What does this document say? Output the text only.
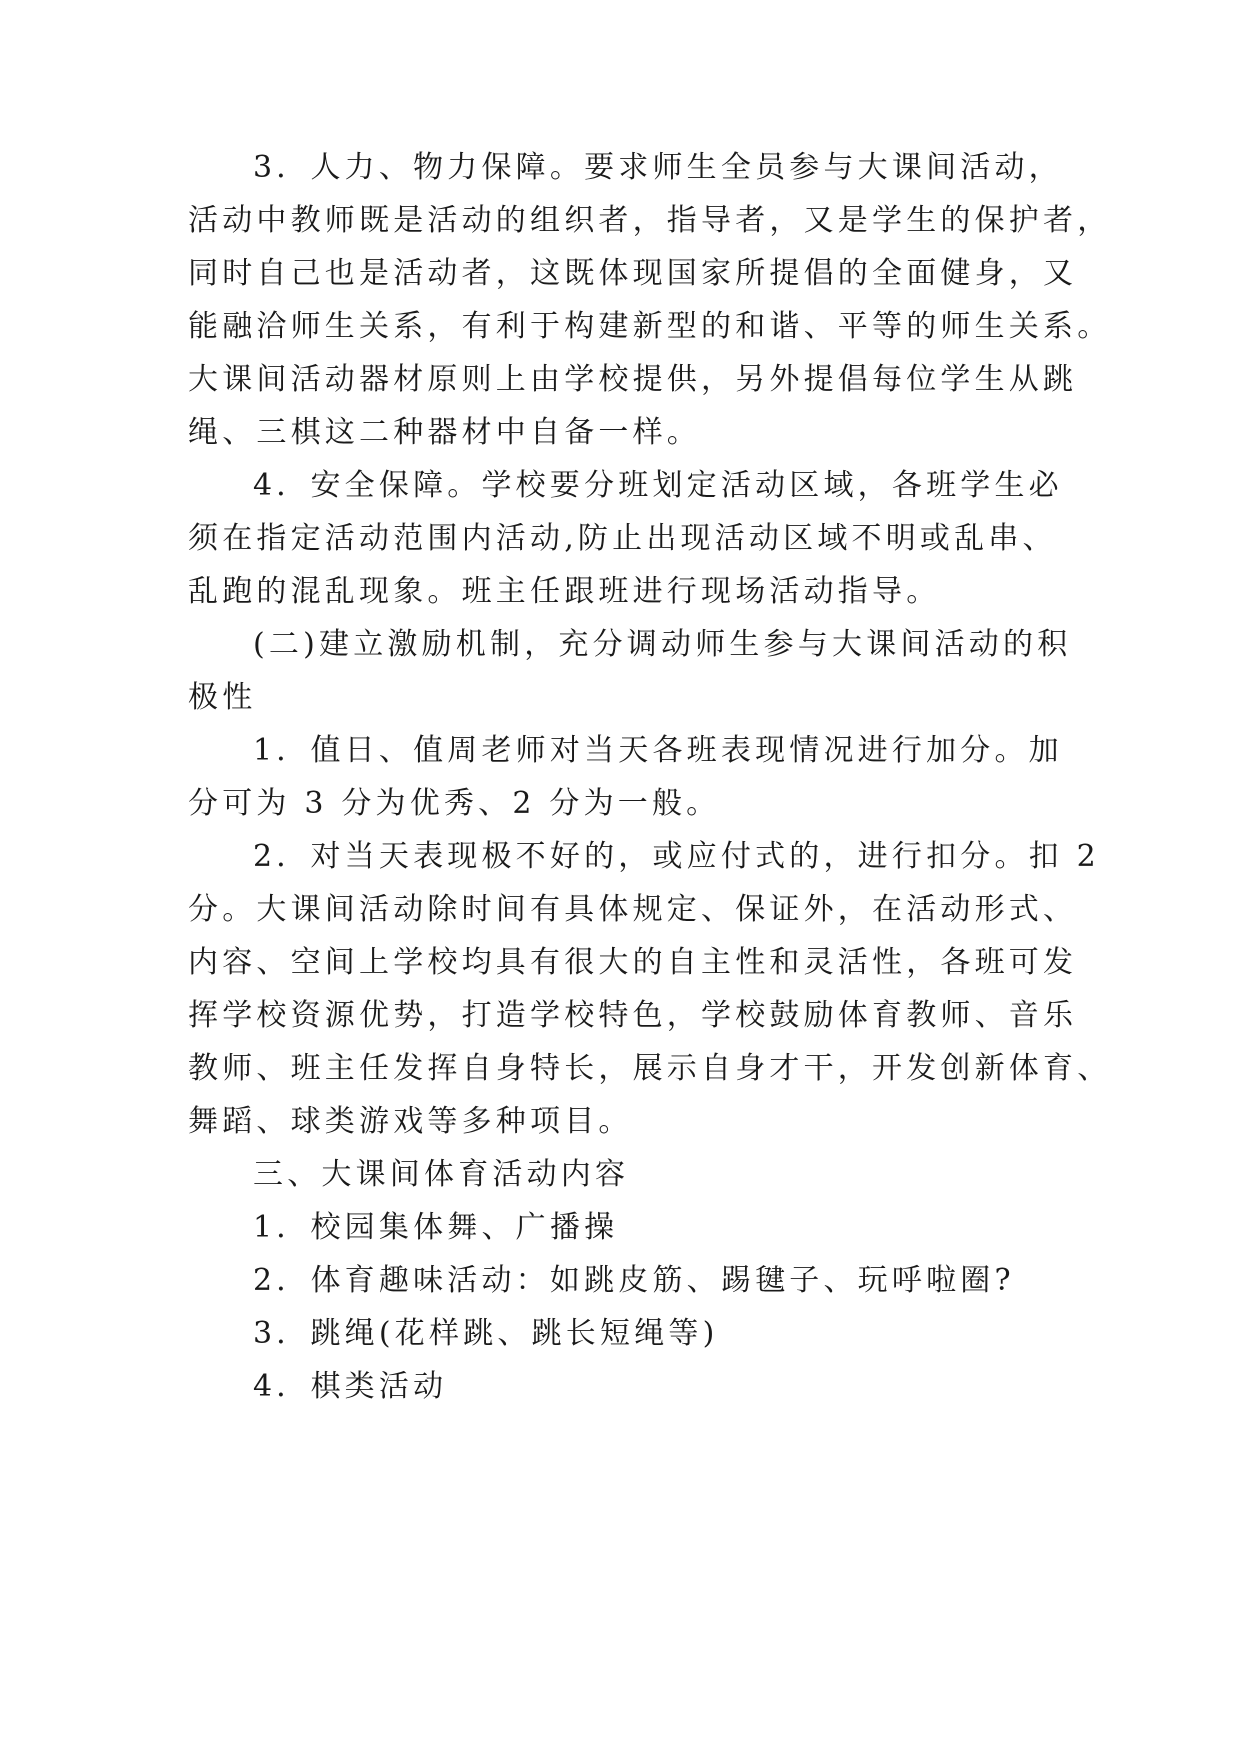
3．人力、物力保障。要求师生全员参与大课间活动，

活动中教师既是活动的组织者，指导者，又是学生的保护者，

同时自己也是活动者，这既体现国家所提倡的全面健身，又

能融洽师生关系，有利于构建新型的和谐、平等的师生关系。

大课间活动器材原则上由学校提供，另外提倡每位学生从跳

绳、三棋这二种器材中自备一样。

4．安全保障。学校要分班划定活动区域，各班学生必

须在指定活动范围内活动,防止出现活动区域不明或乱串、

乱跑的混乱现象。班主任跟班进行现场活动指导。

(二)建立激励机制，充分调动师生参与大课间活动的积

极性

1．值日、值周老师对当天各班表现情况进行加分。加

分可为 3 分为优秀、2 分为一般。

2．对当天表现极不好的，或应付式的，进行扣分。扣 2

分。大课间活动除时间有具体规定、保证外，在活动形式、

内容、空间上学校均具有很大的自主性和灵活性，各班可发

挥学校资源优势，打造学校特色，学校鼓励体育教师、音乐

教师、班主任发挥自身特长，展示自身才干，开发创新体育、

舞蹈、球类游戏等多种项目。

三、大课间体育活动内容

1．校园集体舞、广播操

2．体育趣味活动：如跳皮筋、踢毽子、玩呼啦圈?

3．跳绳(花样跳、跳长短绳等)

4．棋类活动
